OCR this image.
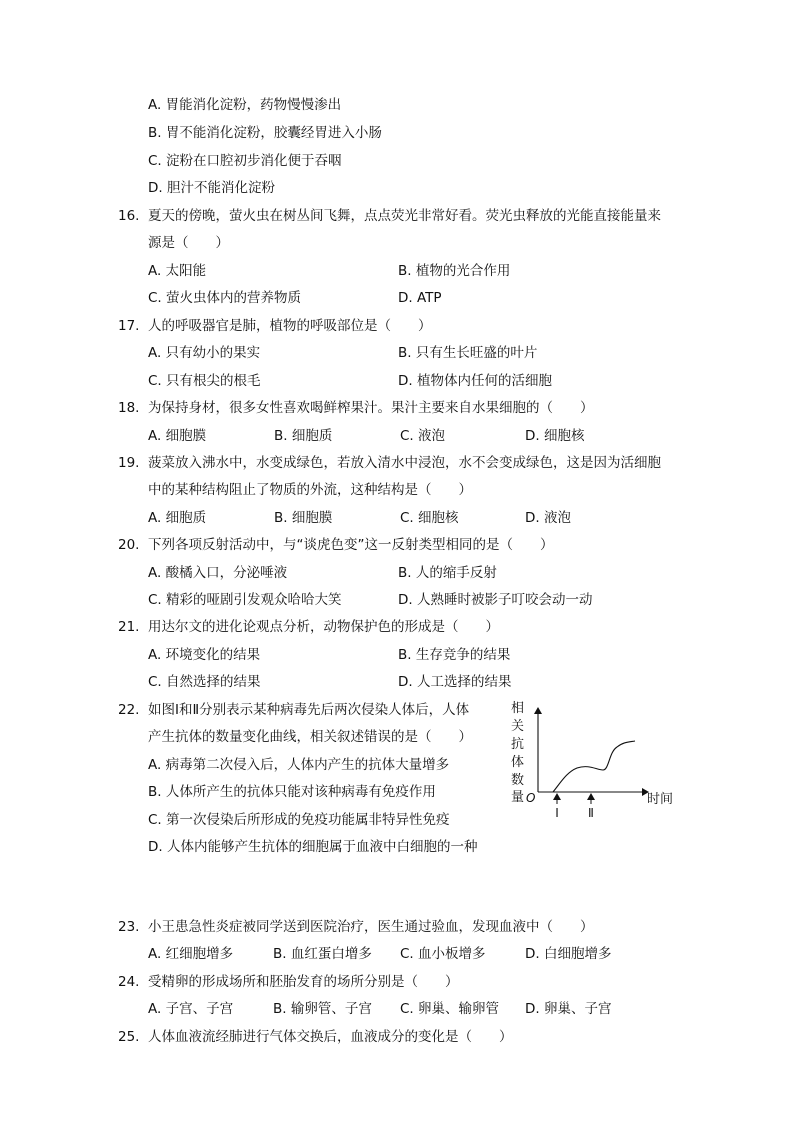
A. 胃能消化淀粉，药物慢慢渗出
B. 胃不能消化淀粉，胶囊经胃进入小肠
C. 淀粉在口腔初步消化便于吞咽
D. 胆汁不能消化淀粉
16. 夏天的傍晚，萤火虫在树丛间飞舞，点点荧光非常好看。荧光虫释放的光能直接能量来
源是（　　）
A. 太阳能	B. 植物的光合作用
C. 萤火虫体内的营养物质	D. ATP
17. 人的呼吸器官是肺，植物的呼吸部位是（　　）
A. 只有幼小的果实	B. 只有生长旺盛的叶片
C. 只有根尖的根毛	D. 植物体内任何的活细胞
18. 为保持身材，很多女性喜欢喝鲜榨果汁。果汁主要来自水果细胞的（　　）
A. 细胞膜	B. 细胞质	C. 液泡	D. 细胞核
19. 菠菜放入沸水中，水变成绿色，若放入清水中浸泡，水不会变成绿色，这是因为活细胞
中的某种结构阻止了物质的外流，这种结构是（　　）
A. 细胞质	B. 细胞膜	C. 细胞核	D. 液泡
20. 下列各项反射活动中，与“谈虎色变”这一反射类型相同的是（　　）
A. 酸橘入口，分泌唾液	B. 人的缩手反射
C. 精彩的哑剧引发观众哈哈大笑	D. 人熟睡时被影子叮咬会动一动
21. 用达尔文的进化论观点分析，动物保护色的形成是（　　）
A. 环境变化的结果	B. 生存竞争的结果
C. 自然选择的结果	D. 人工选择的结果
22. 如图Ⅰ和Ⅱ分别表示某种病毒先后两次侵染人体后，人体
产生抗体的数量变化曲线，相关叙述错误的是（　　）
A. 病毒第二次侵入后，人体内产生的抗体大量增多
B. 人体所产生的抗体只能对该种病毒有免疫作用
C. 第一次侵染后所形成的免疫功能属非特异性免疫
D. 人体内能够产生抗体的细胞属于血液中白细胞的一种
相
关
抗
体
数
量 O	时间
Ⅰ Ⅱ
23. 小王患急性炎症被同学送到医院治疗，医生通过验血，发现血液中（　　）
A. 红细胞增多	B. 血红蛋白增多 C. 血小板增多	D. 白细胞增多
24. 受精卵的形成场所和胚胎发育的场所分别是（　　）
A. 子宫、子宫	B. 输卵管、子宫 C. 卵巢、输卵管 D. 卵巢、子宫
25. 人体血液流经肺进行气体交换后，血液成分的变化是（　　）
